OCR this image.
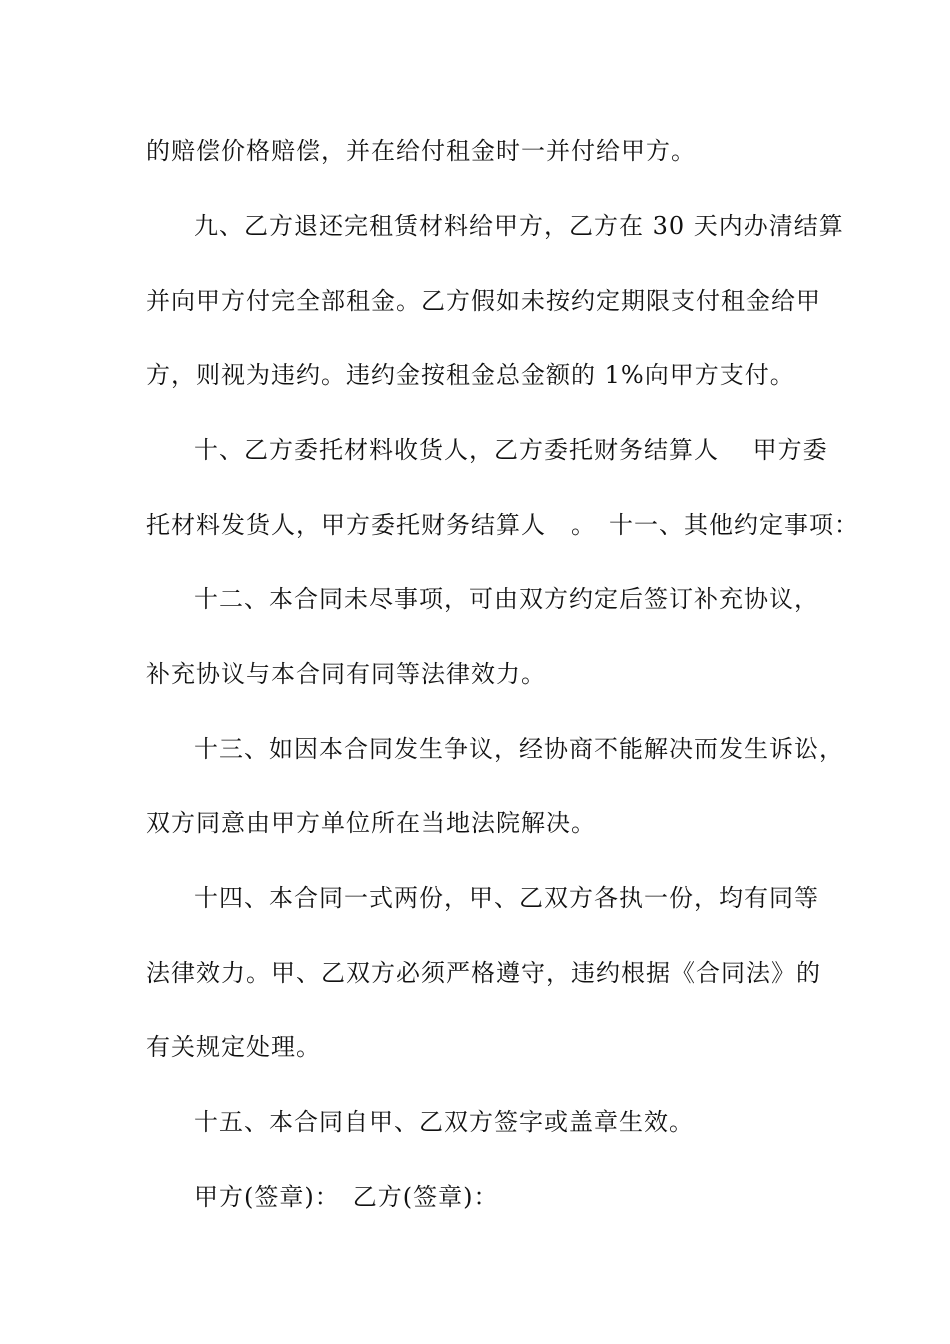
的赔偿价格赔偿，并在给付租金时一并付给甲方。
九、乙方退还完租赁材料给甲方，乙方在 30 天内办清结算
并向甲方付完全部租金。乙方假如未按约定期限支付租金给甲
方，则视为违约。违约金按租金总金额的 1%向甲方支付。
十、乙方委托材料收货人，乙方委托财务结算人　 甲方委
托材料发货人，甲方委托财务结算人　。　十一、其他约定事项：
十二、本合同未尽事项，可由双方约定后签订补充协议，
补充协议与本合同有同等法律效力。
十三、如因本合同发生争议，经协商不能解决而发生诉讼，
双方同意由甲方单位所在当地法院解决。
十四、本合同一式两份，甲、乙双方各执一份，均有同等
法律效力。甲、乙双方必须严格遵守，违约根据《合同法》的
有关规定处理。
十五、本合同自甲、乙双方签字或盖章生效。
甲方(签章)：　乙方(签章)：
